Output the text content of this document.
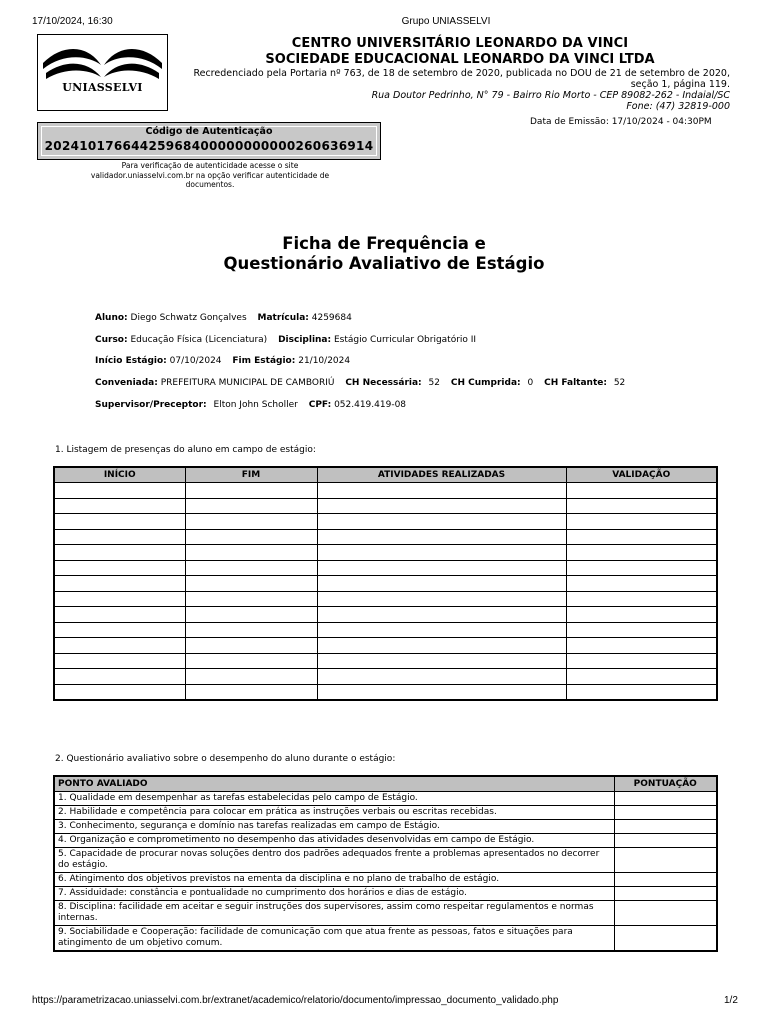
17/10/2024, 16:30	Grupo UNIASSELVI
UNIASSELVI
CENTRO UNIVERSITÁRIO LEONARDO DA VINCI
SOCIEDADE EDUCACIONAL LEONARDO DA VINCI LTDA
Recredenciado pela Portaria nº 763, de 18 de setembro de 2020, publicada no DOU de 21 de setembro de 2020,
seção 1, página 119.
Rua Doutor Pedrinho, N° 79 - Bairro Rio Morto - CEP 89082-262 - Indaial/SC
Fone: (47) 32819-000
Código de Autenticação
20241017664425968400000000000260636914
Para verificação de autenticidade acesse o site
validador.uniasselvi.com.br na opção verificar autenticidade de
documentos.
Data de Emissão: 17/10/2024 - 04:30PM
Ficha de Frequência e
Questionário Avaliativo de Estágio
Aluno: Diego Schwatz Gonçalves Matrícula: 4259684
Curso: Educação Física (Licenciatura) Disciplina: Estágio Curricular Obrigatório II
Início Estágio: 07/10/2024 Fim Estágio: 21/10/2024
Conveniada: PREFEITURA MUNICIPAL DE CAMBORIÚ CH Necessária: 52 CH Cumprida: 0 CH Faltante: 52
Supervisor/Preceptor: Elton John Scholler CPF: 052.419.419-08
1. Listagem de presenças do aluno em campo de estágio:
INÍCIO	FIM	ATIVIDADES REALIZADAS	VALIDAÇÃO

2. Questionário avaliativo sobre o desempenho do aluno durante o estágio:
PONTO AVALIADO	PONTUAÇÃO
1. Qualidade em desempenhar as tarefas estabelecidas pelo campo de Estágio.	
2. Habilidade e competência para colocar em prática as instruções verbais ou escritas recebidas.	
3. Conhecimento, segurança e domínio nas tarefas realizadas em campo de Estágio.	
4. Organização e comprometimento no desempenho das atividades desenvolvidas em campo de Estágio.	
5. Capacidade de procurar novas soluções dentro dos padrões adequados frente a problemas apresentados no decorrer do estágio.	
6. Atingimento dos objetivos previstos na ementa da disciplina e no plano de trabalho de estágio.	
7. Assiduidade: constância e pontualidade no cumprimento dos horários e dias de estágio.	
8. Disciplina: facilidade em aceitar e seguir instruções dos supervisores, assim como respeitar regulamentos e normas internas.	
9. Sociabilidade e Cooperação: facilidade de comunicação com que atua frente as pessoas, fatos e situações para atingimento de um objetivo comum.	
https://parametrizacao.uniasselvi.com.br/extranet/academico/relatorio/documento/impressao_documento_validado.php	1/2
